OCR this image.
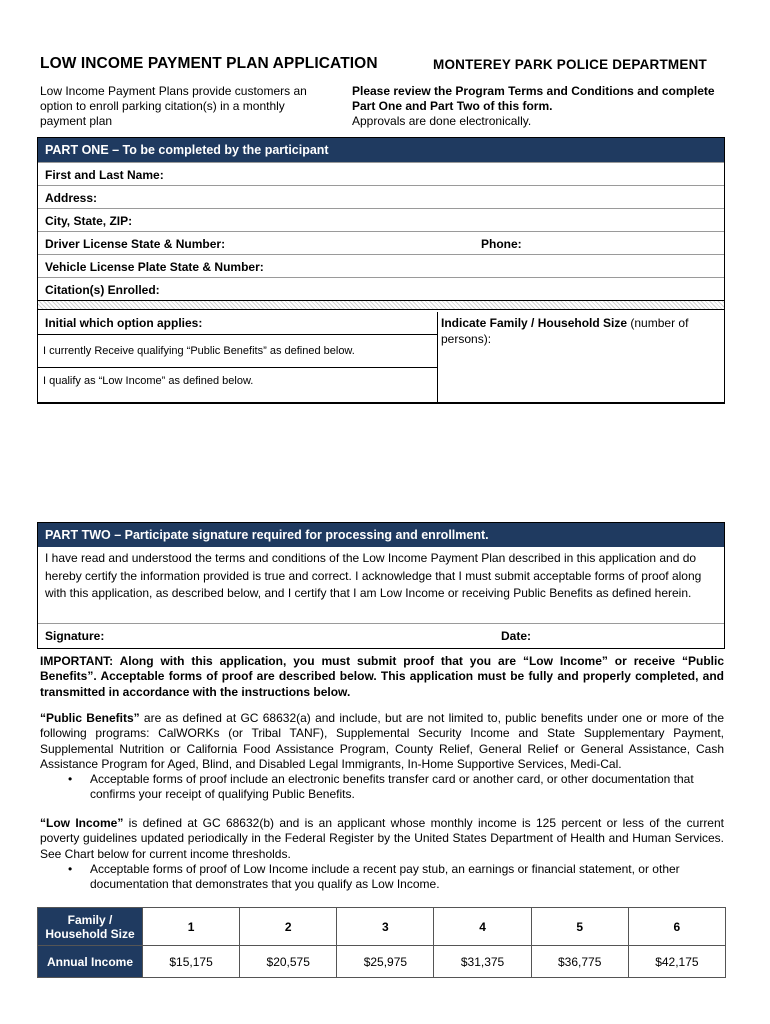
LOW INCOME PAYMENT PLAN APPLICATION	MONTEREY PARK POLICE DEPARTMENT
Low Income Payment Plans provide customers an option to enroll parking citation(s) in a monthly payment plan
Please review the Program Terms and Conditions and complete Part One and Part Two of this form.
Approvals are done electronically.
PART ONE – To be completed by the participant
First and Last Name:
Address:
City, State, ZIP:
Driver License State & Number:	Phone:
Vehicle License Plate State & Number:
Citation(s) Enrolled:
Initial which option applies:
I currently Receive qualifying “Public Benefits” as defined below.
I qualify as “Low Income” as defined below.
Indicate Family / Household Size (number of persons):
PART TWO – Participate signature required for processing and enrollment.
I have read and understood the terms and conditions of the Low Income Payment Plan described in this application and do hereby certify the information provided is true and correct. I acknowledge that I must submit acceptable forms of proof along with this application, as described below, and I certify that I am Low Income or receiving Public Benefits as defined herein.
Signature:	Date:
IMPORTANT: Along with this application, you must submit proof that you are “Low Income” or receive “Public Benefits”. Acceptable forms of proof are described below. This application must be fully and properly completed, and transmitted in accordance with the instructions below.
“Public Benefits” are as defined at GC 68632(a) and include, but are not limited to, public benefits under one or more of the following programs: CalWORKs (or Tribal TANF), Supplemental Security Income and State Supplementary Payment, Supplemental Nutrition or California Food Assistance Program, County Relief, General Relief or General Assistance, Cash Assistance Program for Aged, Blind, and Disabled Legal Immigrants, In-Home Supportive Services, Medi-Cal.
• Acceptable forms of proof include an electronic benefits transfer card or another card, or other documentation that confirms your receipt of qualifying Public Benefits.
“Low Income” is defined at GC 68632(b) and is an applicant whose monthly income is 125 percent or less of the current poverty guidelines updated periodically in the Federal Register by the United States Department of Health and Human Services. See Chart below for current income thresholds.
• Acceptable forms of proof of Low Income include a recent pay stub, an earnings or financial statement, or other documentation that demonstrates that you qualify as Low Income.
Family / Household Size	1	2	3	4	5	6
Annual Income	$15,175	$20,575	$25,975	$31,375	$36,775	$42,175
